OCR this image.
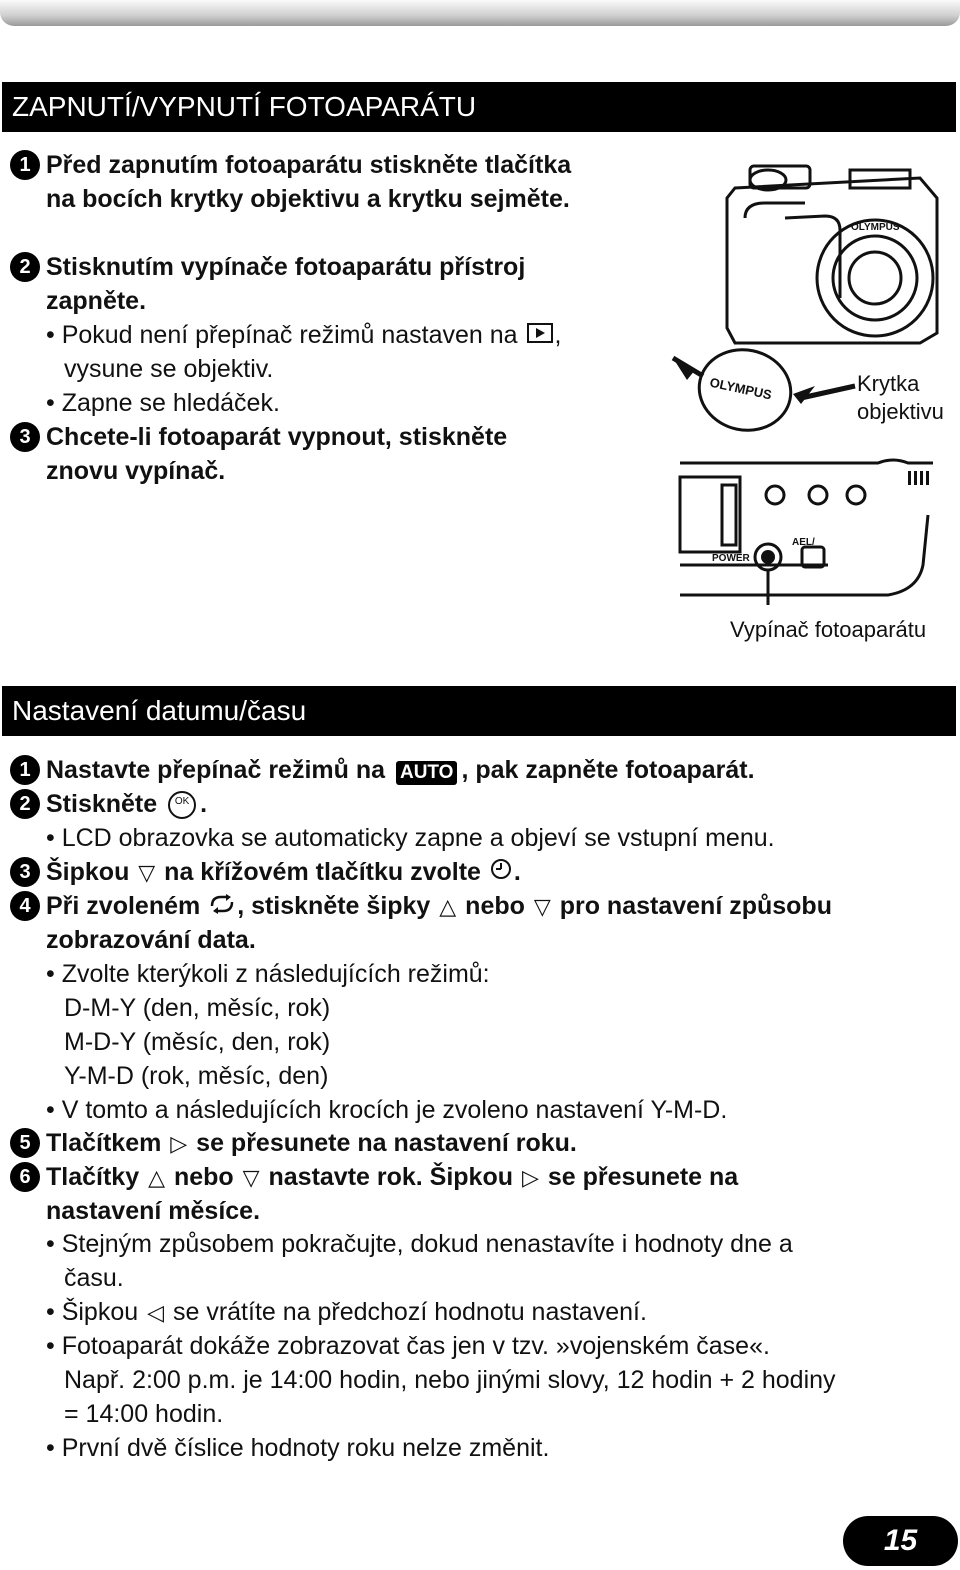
ZAPNUTÍ/VYPNUTÍ FOTOAPARÁTU
1 Před zapnutím fotoaparátu stiskněte tlačítka
na bocích krytky objektivu a krytku sejměte.
2 Stisknutím vypínače fotoaparátu přístroj
zapněte.
• Pokud není přepínač režimů nastaven na ,
vysune se objektiv.
• Zapne se hledáček.
3 Chcete-li fotoaparát vypnout, stiskněte
znovu vypínač.
OLYMPUS
OLYMPUS	Krytka
objektivu
POWER
AEL/
Vypínač fotoaparátu
Nastavení datumu/času
1 Nastavte přepínač režimů na AUTO , pak zapněte fotoaparát.
2 Stiskněte OK .
• LCD obrazovka se automaticky zapne a objeví se vstupní menu.
3 Šipkou ▽ na křížovém tlačítku zvolte .
4 Při zvoleném , stiskněte šipky △ nebo ▽ pro nastavení způsobu
zobrazování data.
• Zvolte kterýkoli z následujících režimů:
D-M-Y (den, měsíc, rok)
M-D-Y (měsíc, den, rok)
Y-M-D (rok, měsíc, den)
• V tomto a následujících krocích je zvoleno nastavení Y-M-D.
5 Tlačítkem ▷ se přesunete na nastavení roku.
6 Tlačítky △ nebo ▽ nastavte rok. Šipkou ▷ se přesunete na
nastavení měsíce.
• Stejným způsobem pokračujte, dokud nenastavíte i hodnoty dne a
času.
• Šipkou ◁ se vrátíte na předchozí hodnotu nastavení.
• Fotoaparát dokáže zobrazovat čas jen v tzv. »vojenském čase«.
Např. 2:00 p.m. je 14:00 hodin, nebo jinými slovy, 12 hodin + 2 hodiny
= 14:00 hodin.
• První dvě číslice hodnoty roku nelze změnit.
15
